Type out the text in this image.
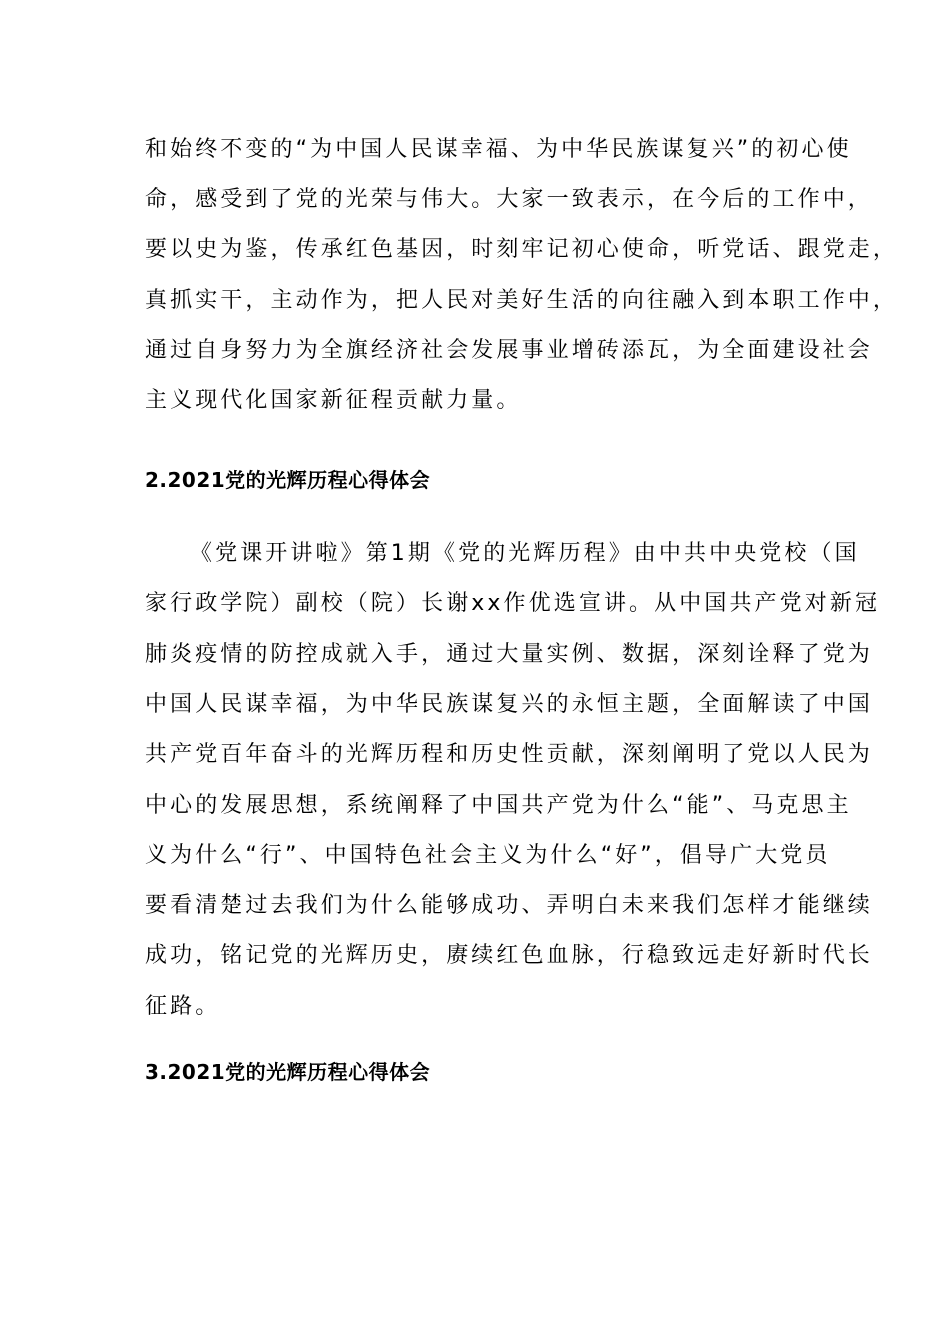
和始终不变的“为中国人民谋幸福、为中华民族谋复兴”的初心使
命，感受到了党的光荣与伟大。大家一致表示，在今后的工作中，
要以史为鉴，传承红色基因，时刻牢记初心使命，听党话、跟党走，
真抓实干，主动作为，把人民对美好生活的向往融入到本职工作中，
通过自身努力为全旗经济社会发展事业增砖添瓦，为全面建设社会
主义现代化国家新征程贡献力量。
2.2021党的光辉历程心得体会
《党课开讲啦》第1期《党的光辉历程》由中共中央党校（国
家行政学院）副校（院）长谢xx作优选宣讲。从中国共产党对新冠
肺炎疫情的防控成就入手，通过大量实例、数据，深刻诠释了党为
中国人民谋幸福，为中华民族谋复兴的永恒主题，全面解读了中国
共产党百年奋斗的光辉历程和历史性贡献，深刻阐明了党以人民为
中心的发展思想，系统阐释了中国共产党为什么“能”、马克思主
义为什么“行”、中国特色社会主义为什么“好”，倡导广大党员
要看清楚过去我们为什么能够成功、弄明白未来我们怎样才能继续
成功，铭记党的光辉历史，赓续红色血脉，行稳致远走好新时代长
征路。
3.2021党的光辉历程心得体会
